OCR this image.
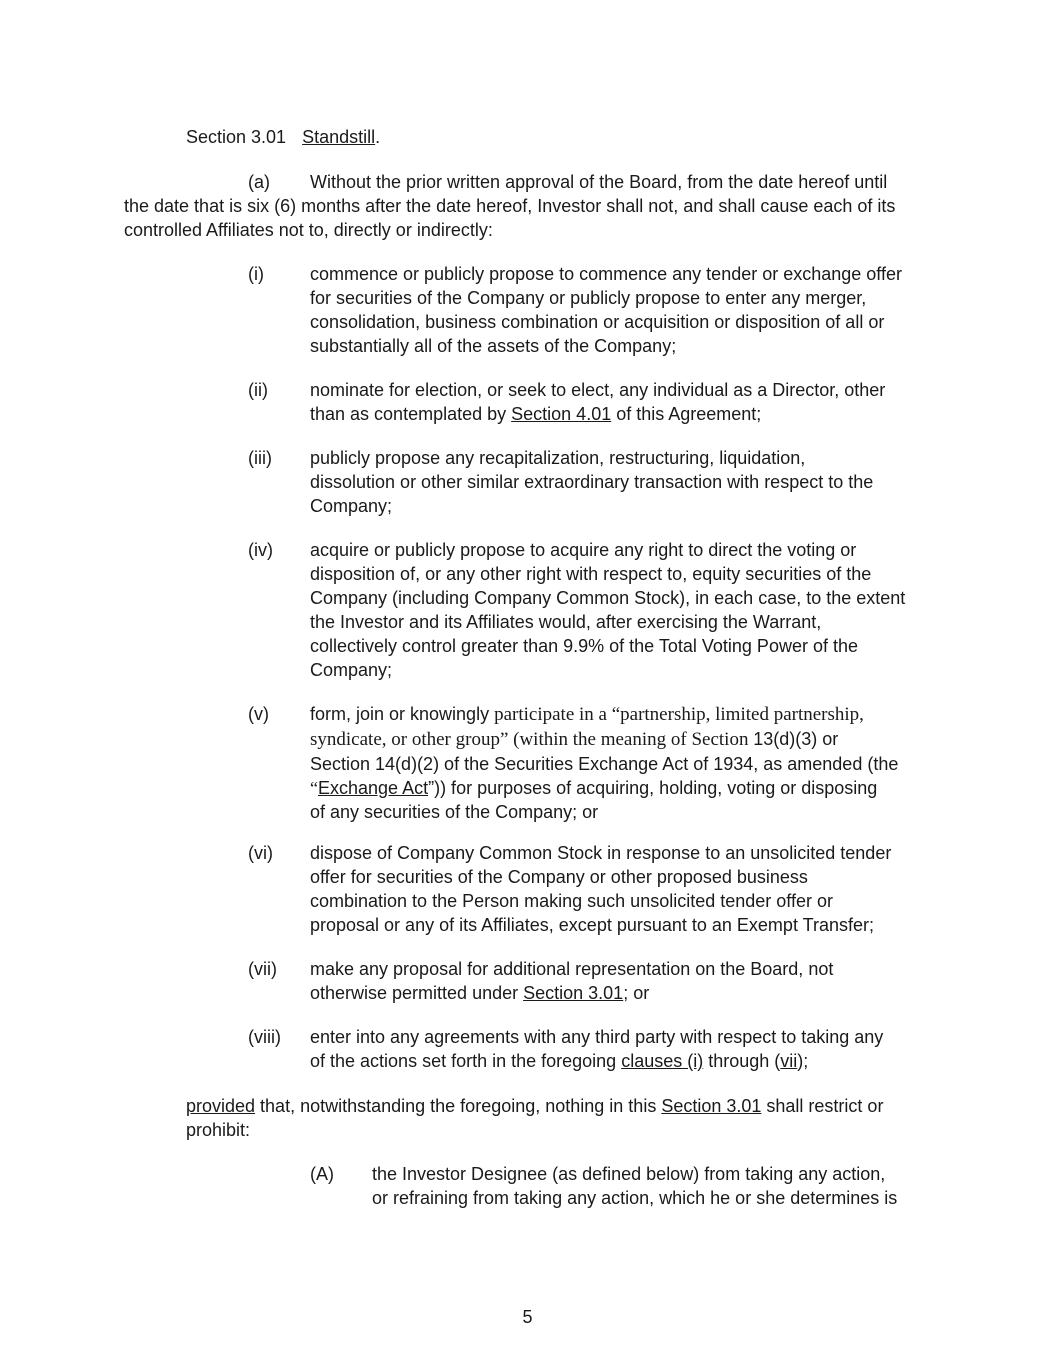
Section 3.01 Standstill.
(a) Without the prior written approval of the Board, from the date hereof until
the date that is six (6) months after the date hereof, Investor shall not, and shall cause each of its
controlled Affiliates not to, directly or indirectly:
(i)	commence or publicly propose to commence any tender or exchange offer
for securities of the Company or publicly propose to enter any merger,
consolidation, business combination or acquisition or disposition of all or
substantially all of the assets of the Company;
(ii) nominate for election, or seek to elect, any individual as a Director, other
than as contemplated by Section 4.01 of this Agreement;
(iii) publicly propose any recapitalization, restructuring, liquidation,
dissolution or other similar extraordinary transaction with respect to the
Company;
(iv) acquire or publicly propose to acquire any right to direct the voting or
disposition of, or any other right with respect to, equity securities of the
Company (including Company Common Stock), in each case, to the extent
the Investor and its Affiliates would, after exercising the Warrant,
collectively control greater than 9.9% of the Total Voting Power of the
Company;
(v) form, join or knowingly participate in a “partnership, limited partnership,
syndicate, or other group” (within the meaning of Section 13(d)(3) or
Section 14(d)(2) of the Securities Exchange Act of 1934, as amended (the
“Exchange Act”)) for purposes of acquiring, holding, voting or disposing
of any securities of the Company; or
(vi) dispose of Company Common Stock in response to an unsolicited tender
offer for securities of the Company or other proposed business
combination to the Person making such unsolicited tender offer or
proposal or any of its Affiliates, except pursuant to an Exempt Transfer;
(vii) make any proposal for additional representation on the Board, not
otherwise permitted under Section 3.01; or
(viii) enter into any agreements with any third party with respect to taking any
of the actions set forth in the foregoing clauses (i) through (vii);
provided that, notwithstanding the foregoing, nothing in this Section 3.01 shall restrict or
prohibit:
(A) the Investor Designee (as defined below) from taking any action,
or refraining from taking any action, which he or she determines is
5
